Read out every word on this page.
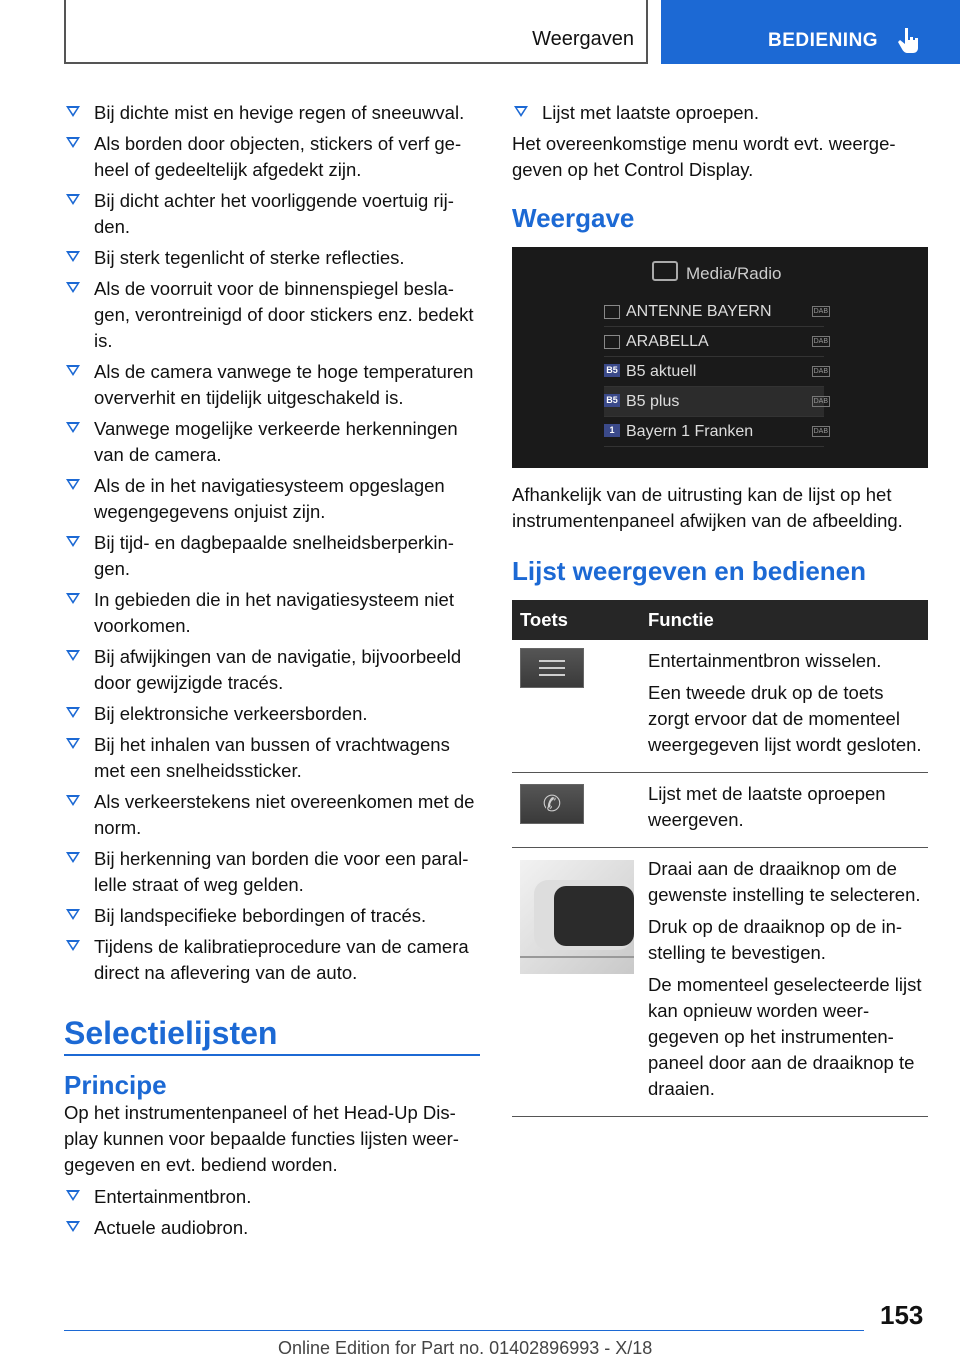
Weergaven	BEDIENING
Bij dichte mist en hevige regen of sneeuwval.
Als borden door objecten, stickers of verf geheel of gedeeltelijk afgedekt zijn.
Bij dicht achter het voorliggende voertuig rijden.
Bij sterk tegenlicht of sterke reflecties.
Als de voorruit voor de binnenspiegel beslagen, verontreinigd of door stickers enz. bedekt is.
Als de camera vanwege te hoge temperaturen oververhit en tijdelijk uitgeschakeld is.
Vanwege mogelijke verkeerde herkenningen van de camera.
Als de in het navigatiesysteem opgeslagen wegengegevens onjuist zijn.
Bij tijd- en dagbepaalde snelheidsberperkingen.
In gebieden die in het navigatiesysteem niet voorkomen.
Bij afwijkingen van de navigatie, bijvoorbeeld door gewijzigde tracés.
Bij elektronsiche verkeersborden.
Bij het inhalen van bussen of vrachtwagens met een snelheidssticker.
Als verkeerstekens niet overeenkomen met de norm.
Bij herkenning van borden die voor een parallelle straat of weg gelden.
Bij landspecifieke bebordingen of tracés.
Tijdens de kalibratieprocedure van de camera direct na aflevering van de auto.
Selectielijsten
Principe
Op het instrumentenpaneel of het Head-Up Display kunnen voor bepaalde functies lijsten weergegeven en evt. bediend worden.
Entertainmentbron.
Actuele audiobron.
Lijst met laatste oproepen.
Het overeenkomstige menu wordt evt. weergegeven op het Control Display.
Weergave
Media/Radio
ANTENNE BAYERN	DAB
ARABELLA	DAB
B5 B5 aktuell	DAB
B5 B5 plus	DAB
1 Bayern 1 Franken	DAB
Afhankelijk van de uitrusting kan de lijst op het instrumentenpaneel afwijken van de afbeelding.
Lijst weergeven en bedienen
Toets	Functie

	Entertainmentbron wisselen.

Een tweede druk op de toets zorgt ervoor dat de momenteel weergegeven lijst wordt gesloten.

✆	Lijst met de laatste oproepen weergeven.

	Draai aan de draaiknop om de gewenste instelling te selecteren.

Druk op de draaiknop op de instelling te bevestigen.

De momenteel geselecteerde lijst kan opnieuw worden weergegeven op het instrumentenpaneel door aan de draaiknop te draaien.

153
Online Edition for Part no. 01402896993 - X/18
